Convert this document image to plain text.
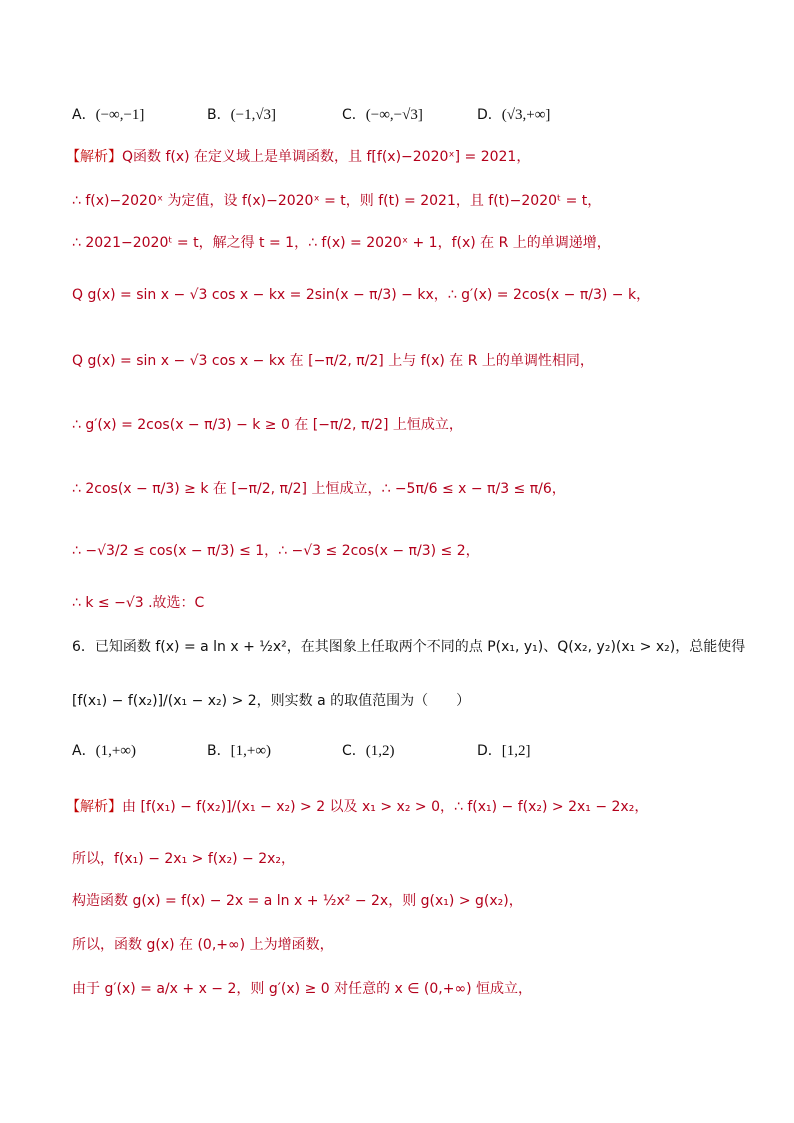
A．(−∞,−1]	B．(−1,√3]	C．(−∞,−√3]	D．(√3,+∞]
【解析】 Q函数 f(x) 在定义域上是单调函数，且 f[f(x)−2020ˣ] = 2021，
∴ f(x)−2020ˣ 为定值，设 f(x)−2020ˣ = t，则 f(t) = 2021，且 f(t)−2020ᵗ = t，
∴ 2021−2020ᵗ = t，解之得 t = 1，∴ f(x) = 2020ˣ + 1，f(x) 在 R 上的单调递增，
Q g(x) = sin x − √3 cos x − kx = 2sin(x − π/3) − kx，∴ g′(x) = 2cos(x − π/3) − k，
Q g(x) = sin x − √3 cos x − kx 在 [−π/2, π/2] 上与 f(x) 在 R 上的单调性相同，
∴ g′(x) = 2cos(x − π/3) − k ≥ 0 在 [−π/2, π/2] 上恒成立，
∴ 2cos(x − π/3) ≥ k 在 [−π/2, π/2] 上恒成立，∴ −5π/6 ≤ x − π/3 ≤ π/6，
∴ −√3/2 ≤ cos(x − π/3) ≤ 1，∴ −√3 ≤ 2cos(x − π/3) ≤ 2，
∴ k ≤ −√3 .故选：C
6．已知函数 f(x) = a ln x + ½x²，在其图象上任取两个不同的点 P(x₁, y₁)、Q(x₂, y₂)(x₁ > x₂)，总能使得
[f(x₁) − f(x₂)]/(x₁ − x₂) > 2，则实数 a 的取值范围为（　　）
A．(1,+∞)	B．[1,+∞)	C．(1,2)	D．[1,2]
【解析】 由 [f(x₁) − f(x₂)]/(x₁ − x₂) > 2 以及 x₁ > x₂ > 0，∴ f(x₁) − f(x₂) > 2x₁ − 2x₂，
所以，f(x₁) − 2x₁ > f(x₂) − 2x₂，
构造函数 g(x) = f(x) − 2x = a ln x + ½x² − 2x，则 g(x₁) > g(x₂)，
所以，函数 g(x) 在 (0,+∞) 上为增函数，
由于 g′(x) = a/x + x − 2，则 g′(x) ≥ 0 对任意的 x ∈ (0,+∞) 恒成立，
